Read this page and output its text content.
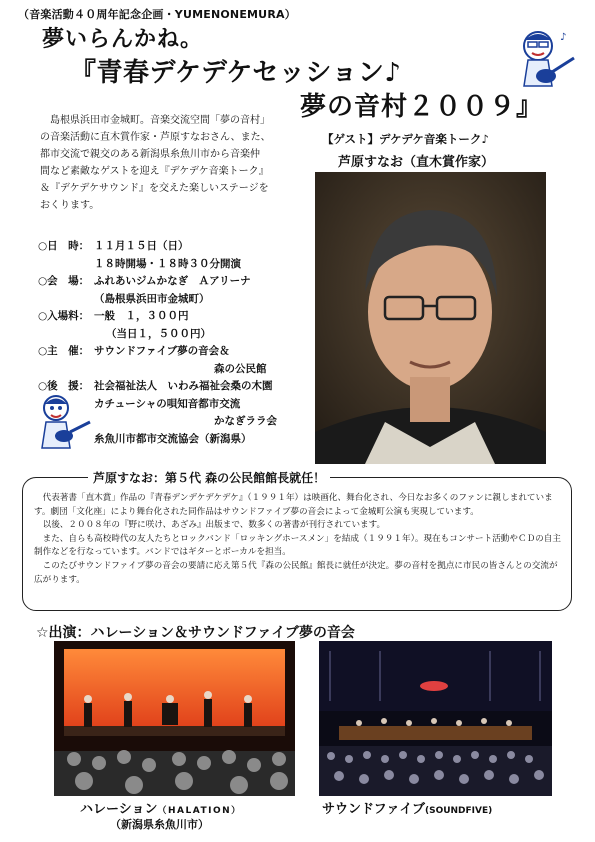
（音楽活動４０周年記念企画・YUMENONEMURA）
夢いらんかね。
『青春デケデケセッション♪
夢の音村２００９』
♪

島根県浜田市金城町。音楽交流空間「夢の音村」

の音楽活動に直木賞作家・芦原すなおさん、また、

都市交流で親交のある新潟県糸魚川市から音楽仲

間など素敵なゲストを迎え『デケデケ音楽トーク』

＆『デケデケサウンド』を交えた楽しいステージを

おくります。

【ゲスト】デケデケ音楽トーク♪
芦原すなお（直木賞作家）
○日　時： １１月１５日（日）
１８時開場・１８時３０分開演
○会　場： ふれあいジムかなぎ　Ａアリーナ
（島根県浜田市金城町）
○入場料： 一般　１，３００円
（当日１，５００円）
○主　催： サウンドファイブ夢の音会＆
森の公民館
○後　援： 社会福祉法人　いわみ福祉会桑の木園
カチューシャの唄知音都市交流
かなぎララ会
糸魚川市都市交流協会（新潟県）
芦原すなお：第５代 森の公民館館長就任！

代表著書「直木賞」作品の『青春デンデケデケデケ』（１９９１年）は映画化、舞台化され、今日なお多くのファンに親しまれています。劇団「文化座」により舞台化された同作品はサウンドファイブ夢の音会によって金城町公演も実現しています。

以後、２００８年の『野に咲け、あざみ』出版まで、数多くの著書が刊行されています。

また、自らも高校時代の友人たちとロックバンド「ロッキングホースメン」を結成（１９９１年）。現在もコンサート活動やＣＤの自主制作などを行なっています。バンドではギターとボーカルを担当。

このたびサウンドファイブ夢の音会の要請に応え第５代『森の公民館』館長に就任が決定。夢の音村を拠点に市民の皆さんとの交流が広がります。

☆出演：ハレーション＆サウンドファイブ夢の音会
ハレーション（HALATION）
（新潟県糸魚川市）
サウンドファイブ(SOUNDFIVE)
